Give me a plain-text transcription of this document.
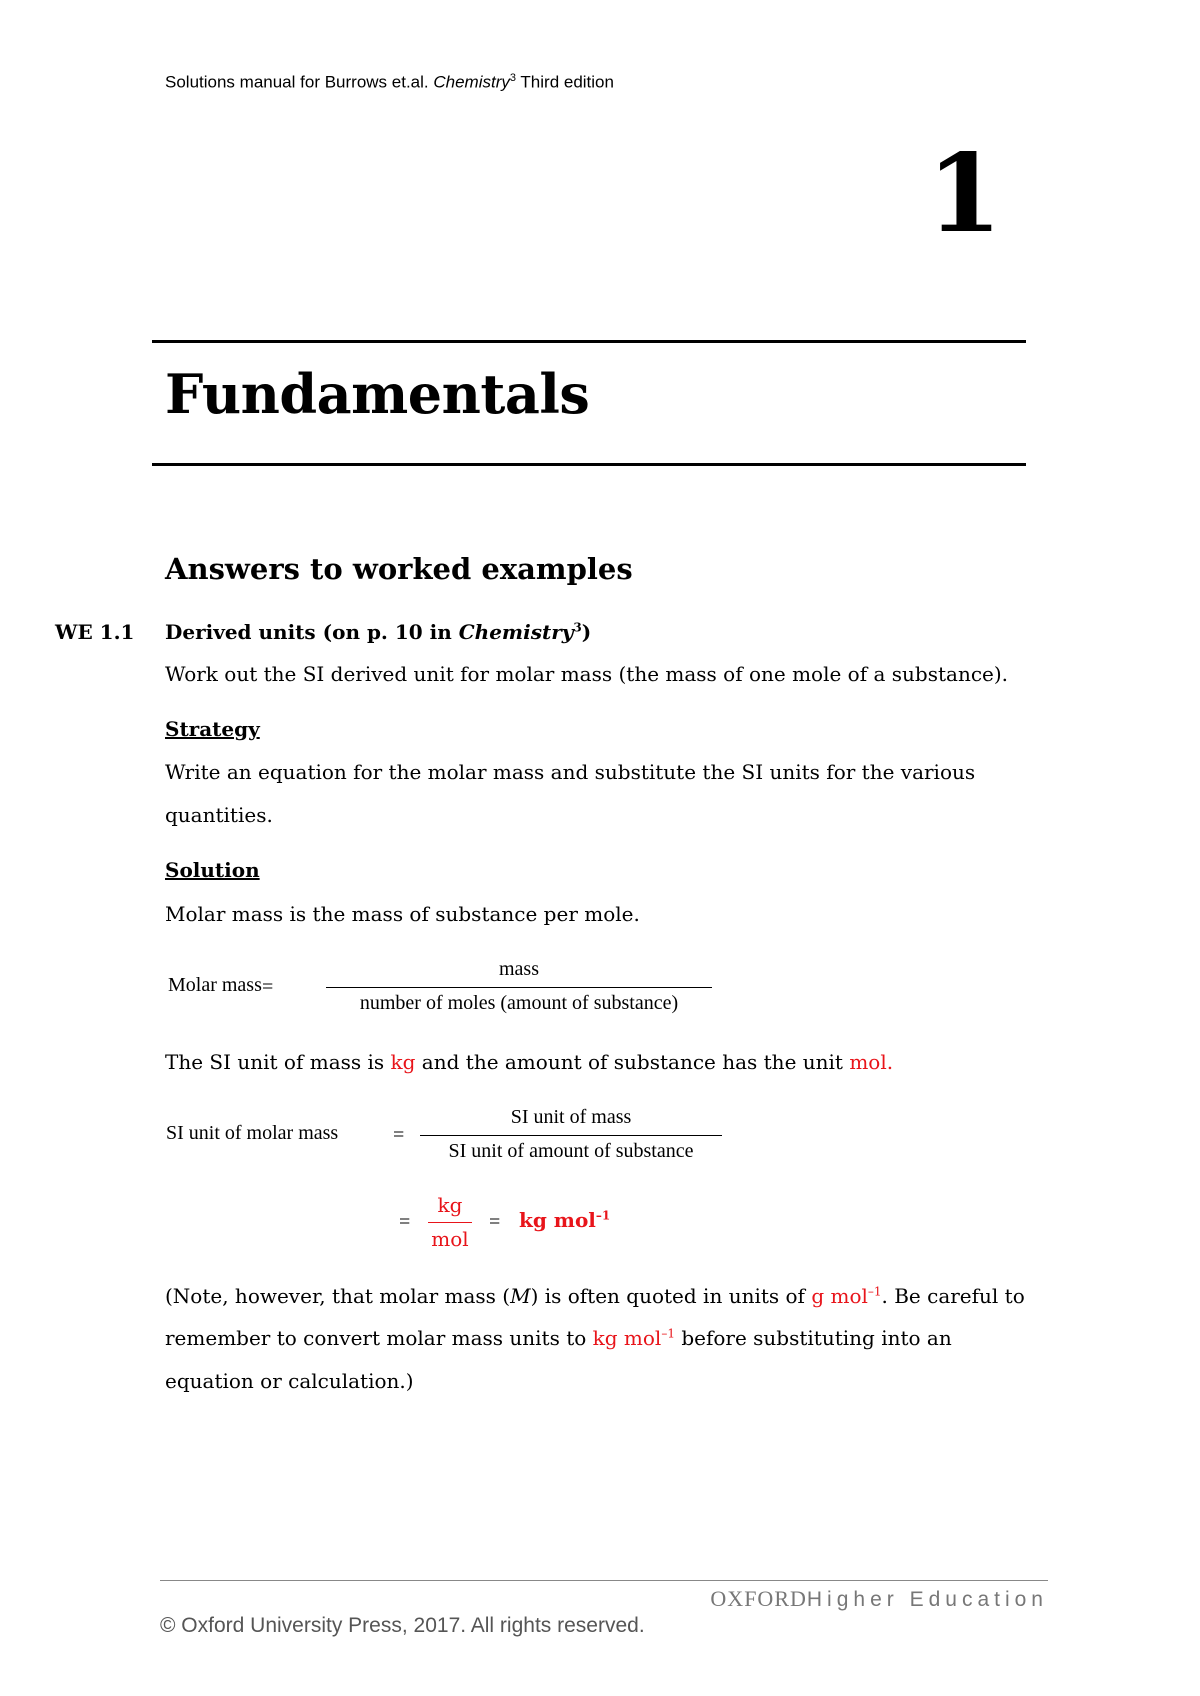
Solutions manual for Burrows et.al. Chemistry$^3$ Third edition
1
Fundamentals
Answers to worked examples
WE 1.1 Derived units (on p. 10 in Chemistry$^3$)
Work out the SI derived unit for molar mass (the mass of one mole of a substance).
Strategy
Write an equation for the molar mass and substitute the SI units for the various
quantities.
Solution
Molar mass is the mass of substance per mole.
Molar mass =
mass
number of moles (amount of substance)
The SI unit of mass is kg and the amount of substance has the unit mol.
SI unit of molar mass	=
SI unit of mass
SI unit of amount of substance
=
kg
mol
= kg mol$^{-1}$
(Note, however, that molar mass (M) is often quoted in units of g mol$^{-1}$. Be careful to
remember to convert molar mass units to kg mol$^{-1}$ before substituting into an
equation or calculation.)
OXFORDHigher Education
© Oxford University Press, 2017. All rights reserved.
